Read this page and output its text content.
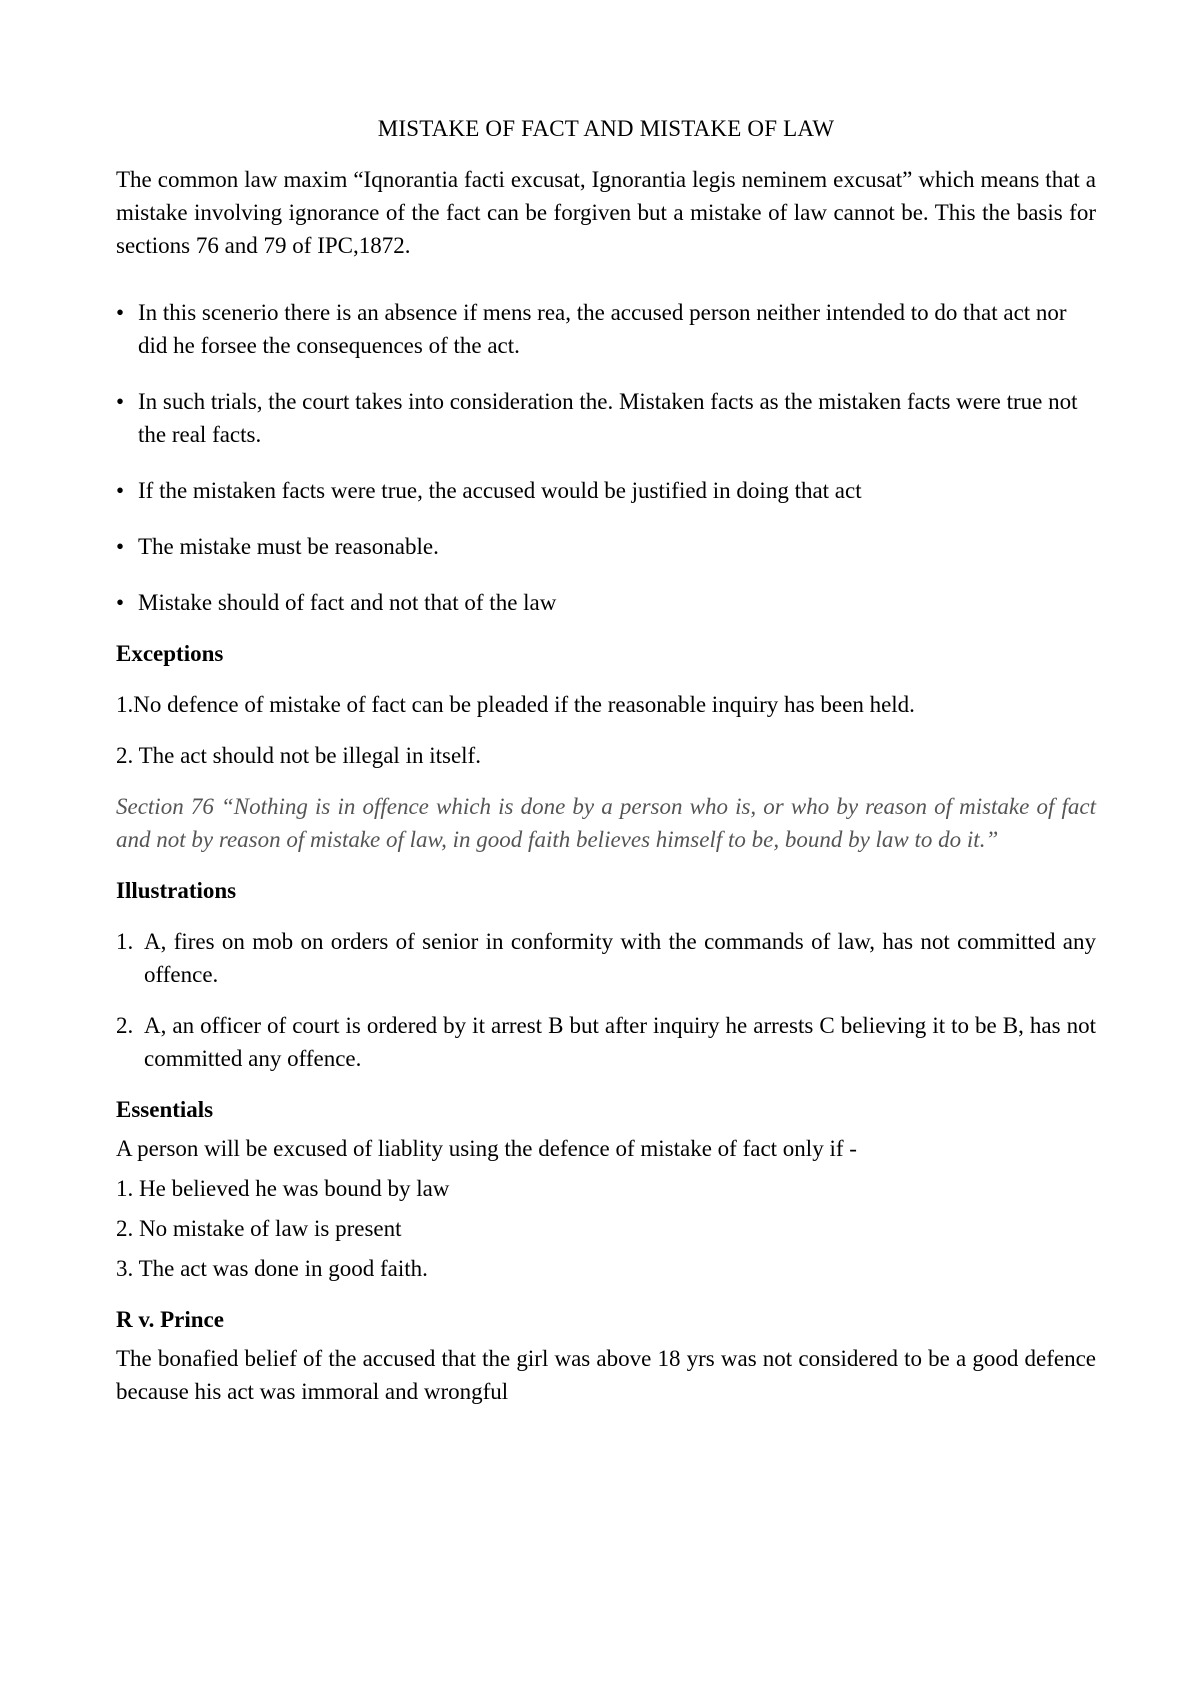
MISTAKE OF FACT AND MISTAKE OF LAW
The common law maxim “Iqnorantia facti excusat, Ignorantia legis neminem excusat” which means that a mistake involving ignorance of the fact can be forgiven but a mistake of law cannot be. This the basis for sections 76 and 79 of IPC,1872.
• In this scenerio there is an absence if mens rea, the accused person neither intended to do that act nor did he forsee the consequences of the act.
• In such trials, the court takes into consideration the. Mistaken facts as the mistaken facts were true not the real facts.
• If the mistaken facts were true, the accused would be justified in doing that act
• The mistake must be reasonable.
• Mistake should of fact and not that of the law
Exceptions
1.No defence of mistake of fact can be pleaded if the reasonable inquiry has been held.
2. The act should not be illegal in itself.
Section 76 “Nothing is in offence which is done by a person who is, or who by reason of mistake of fact and not by reason of mistake of law, in good faith believes himself to be, bound by law to do it.”
Illustrations
1. A, fires on mob on orders of senior in conformity with the commands of law, has not committed any offence.
2. A, an officer of court is ordered by it arrest B but after inquiry he arrests C believing it to be B, has not committed any offence.
Essentials
A person will be excused of liablity using the defence of mistake of fact only if -
1. He believed he was bound by law
2. No mistake of law is present
3. The act was done in good faith.
R v. Prince
The bonafied belief of the accused that the girl was above 18 yrs was not considered to be a good defence because his act was immoral and wrongful
